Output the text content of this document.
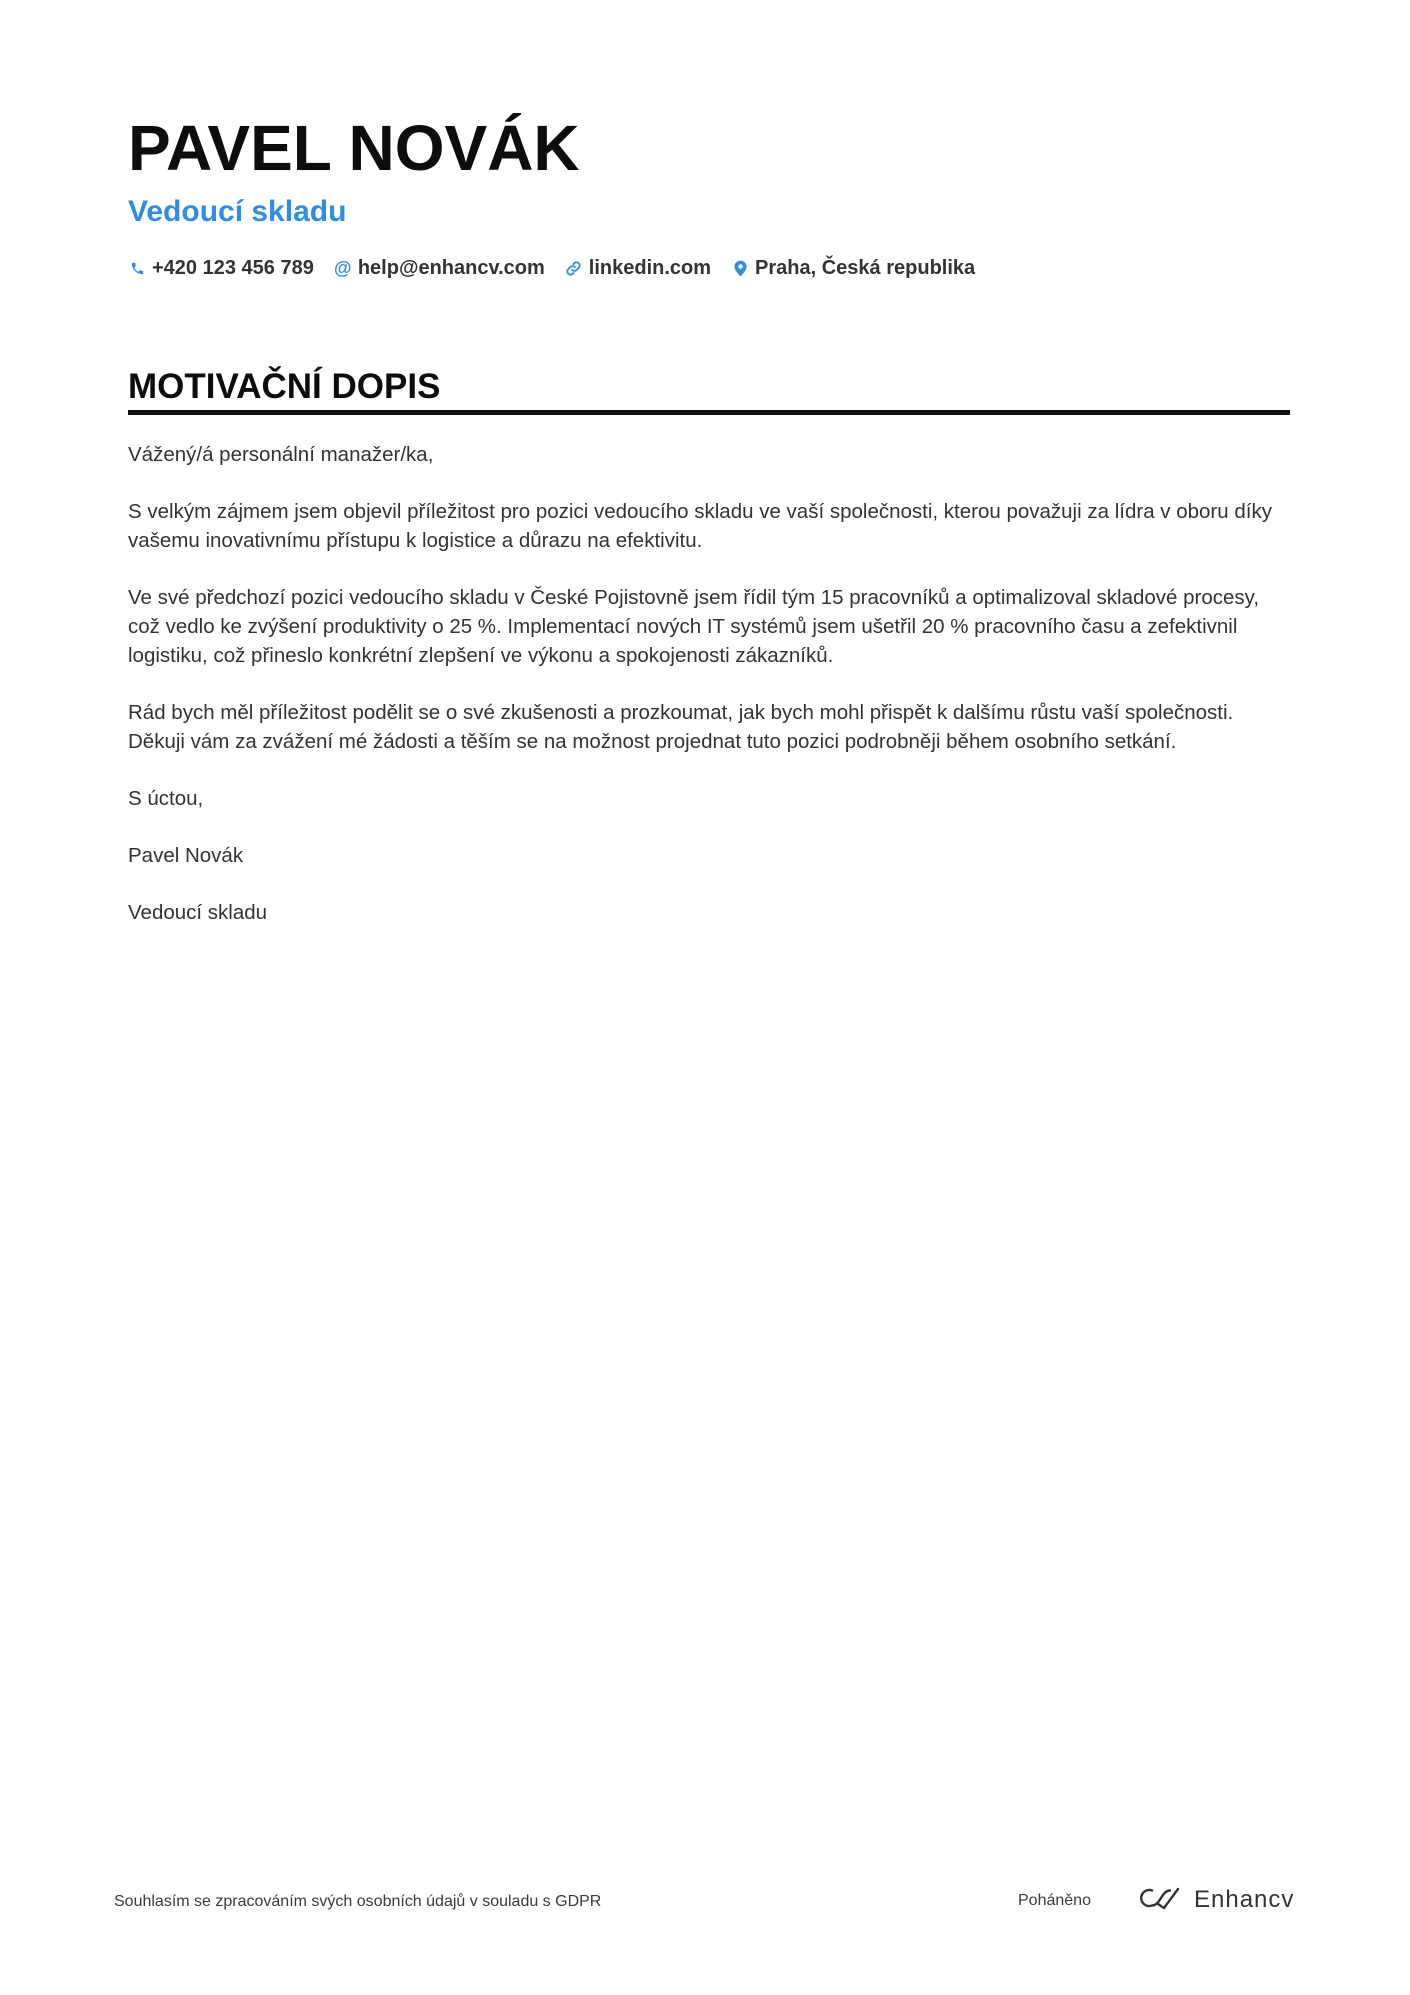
PAVEL NOVÁK
Vedoucí skladu
+420 123 456 789 @ help@enhancv.com linkedin.com Praha, Česká republika
MOTIVAČNÍ DOPIS

Vážený/á personální manažer/ka,

S velkým zájmem jsem objevil příležitost pro pozici vedoucího skladu ve vaší společnosti, kterou považuji za lídra v oboru díky vašemu inovativnímu přístupu k logistice a důrazu na efektivitu.

Ve své předchozí pozici vedoucího skladu v České Pojistovně jsem řídil tým 15 pracovníků a optimalizoval skladové procesy, což vedlo ke zvýšení produktivity o 25 %. Implementací nových IT systémů jsem ušetřil 20 % pracovního času a zefektivnil logistiku, což přineslo konkrétní zlepšení ve výkonu a spokojenosti zákazníků.

Rád bych měl příležitost podělit se o své zkušenosti a prozkoumat, jak bych mohl přispět k dalšímu růstu vaší společnosti. Děkuji vám za zvážení mé žádosti a těším se na možnost projednat tuto pozici podrobněji během osobního setkání.

S úctou,

Pavel Novák

Vedoucí skladu

Souhlasím se zpracováním svých osobních údajů v souladu s GDPR	Poháněno	Enhancv
